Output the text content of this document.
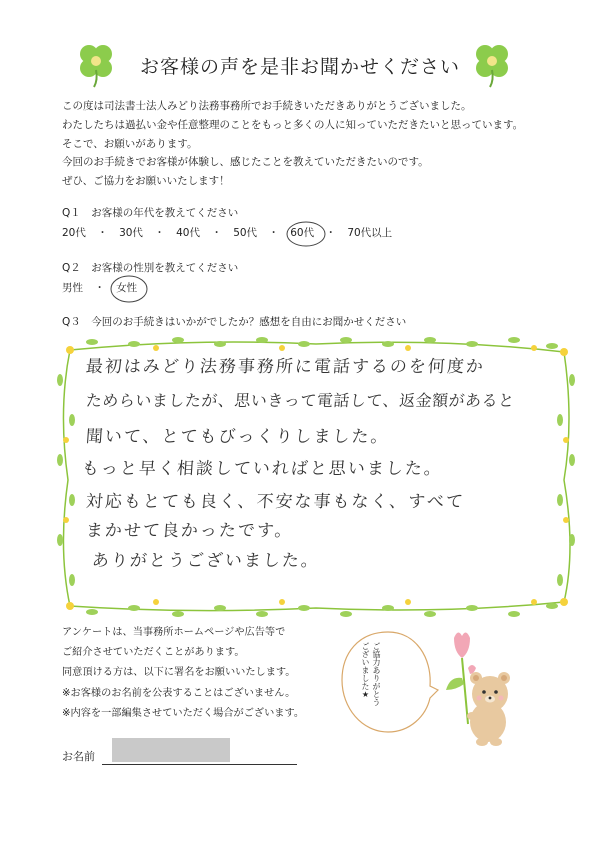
お客様の声を是非お聞かせください
この度は司法書士法人みどり法務事務所でお手続きいただきありがとうございました。
わたしたちは過払い金や任意整理のことをもっと多くの人に知っていただきたいと思っています。
そこで、お願いがあります。
今回のお手続きでお客様が体験し、感じたことを教えていただきたいのです。
ぜひ、ご協力をお願いいたします！
Q１　お客様の年代を教えてください
20代 ・ 30代 ・ 40代 ・ 50代 ・ 60代 ・ 70代以上
Q２　お客様の性別を教えてください
男性 ・ 女性
Q３　今回のお手続きはいかがでしたか？感想を自由にお聞かせください
最初はみどり法務事務所に電話するのを何度か
ためらいましたが、思いきって電話して、返金額があると
聞いて、とてもびっくりしました。
もっと早く相談していればと思いました。
対応もとても良く、不安な事もなく、すべて
まかせて良かったです。
ありがとうございました。
アンケートは、当事務所ホームページや広告等で
ご紹介させていただくことがあります。
同意頂ける方は、以下に署名をお願いいたします。
※お客様のお名前を公表することはございません。
※内容を一部編集させていただく場合がございます。
ご協力ありがとう
ございました★
お名前
